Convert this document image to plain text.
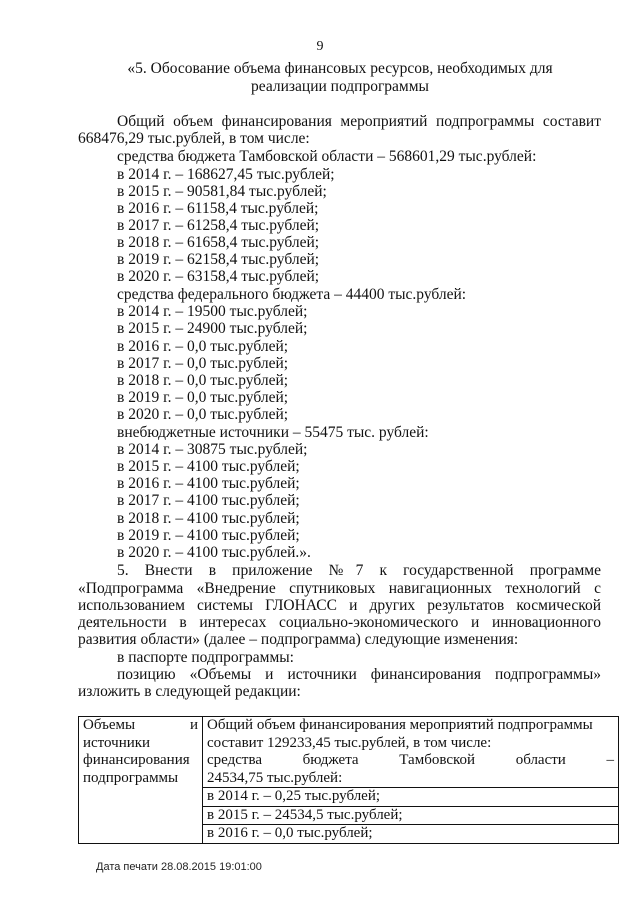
9
«5. Обосование объема финансовых ресурсов, необходимых для
реализации подпрограммы
Общий объем финансирования мероприятий подпрограммы составит
668476,29 тыс.рублей, в том числе:
средства бюджета Тамбовской области – 568601,29 тыс.рублей:
в 2014 г. – 168627,45 тыс.рублей;
в 2015 г. – 90581,84 тыс.рублей;
в 2016 г. – 61158,4 тыс.рублей;
в 2017 г. – 61258,4 тыс.рублей;
в 2018 г. – 61658,4 тыс.рублей;
в 2019 г. – 62158,4 тыс.рублей;
в 2020 г. – 63158,4 тыс.рублей;
средства федерального бюджета – 44400 тыс.рублей:
в 2014 г. – 19500 тыс.рублей;
в 2015 г. – 24900 тыс.рублей;
в 2016 г. – 0,0 тыс.рублей;
в 2017 г. – 0,0 тыс.рублей;
в 2018 г. – 0,0 тыс.рублей;
в 2019 г. – 0,0 тыс.рублей;
в 2020 г. – 0,0 тыс.рублей;
внебюджетные источники – 55475 тыс. рублей:
в 2014 г. – 30875 тыс.рублей;
в 2015 г. – 4100 тыс.рублей;
в 2016 г. – 4100 тыс.рублей;
в 2017 г. – 4100 тыс.рублей;
в 2018 г. – 4100 тыс.рублей;
в 2019 г. – 4100 тыс.рублей;
в 2020 г. – 4100 тыс.рублей.».
5. Внести в приложение №7 к государственной программе
«Подпрограмма «Внедрение спутниковых навигационных технологий с
использованием системы ГЛОНАСС и других результатов космической
деятельности в интересах социально-экономического и инновационного
развития области» (далее – подпрограмма) следующие изменения:
в паспорте подпрограммы:
позицию «Объемы и источники финансирования подпрограммы»
изложить в следующей редакции:
Объемы	и
источники
финансирования
подпрограммы

Общий объем финансирования мероприятий подпрограммы
составит 129233,45 тыс.рублей, в том числе:
средства бюджета Тамбовской области –
24534,75 тыс.рублей:
в 2014 г. – 0,25 тыс.рублей;
в 2015 г. – 24534,5 тыс.рублей;
в 2016 г. – 0,0 тыс.рублей;
Дата печати 28.08.2015 19:01:00
